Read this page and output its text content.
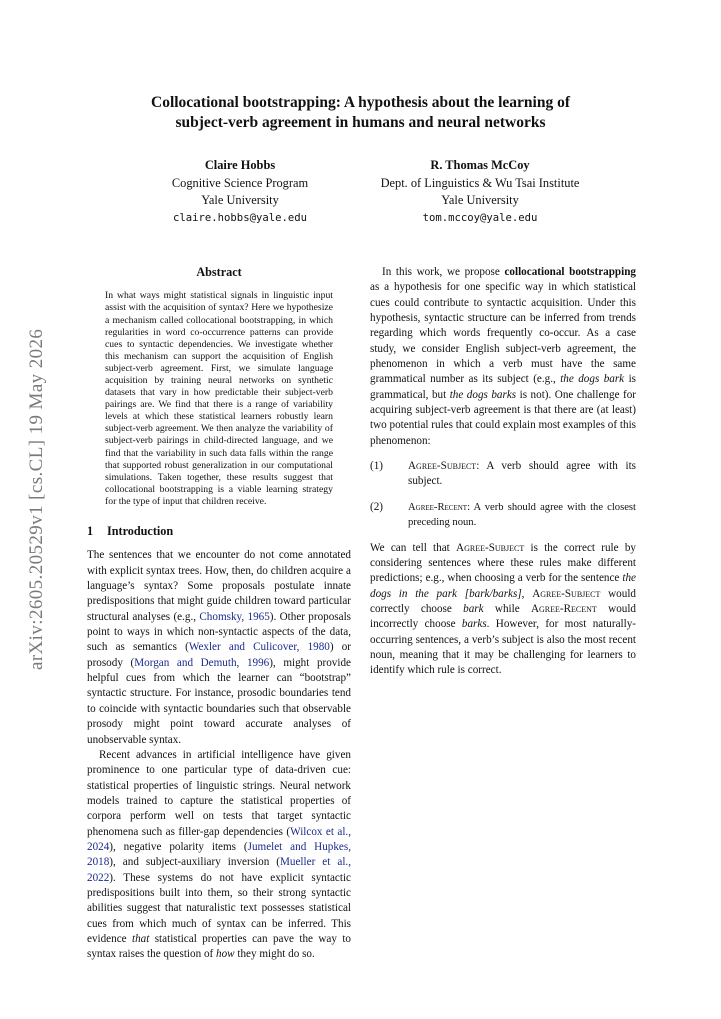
Collocational bootstrapping: A hypothesis about the learning of
subject-verb agreement in humans and neural networks
Claire Hobbs
Cognitive Science Program
Yale University
claire.hobbs@yale.edu
R. Thomas McCoy
Dept. of Linguistics & Wu Tsai Institute
Yale University
tom.mccoy@yale.edu
arXiv:2605.20529v1 [cs.CL] 19 May 2026
Abstract
In what ways might statistical signals in linguistic input assist with the acquisition of syntax? Here we hypothesize a mechanism called collocational bootstrapping, in which regularities in word co-occurrence patterns can provide cues to syntactic dependencies. We investigate whether this mechanism can support the acquisition of English subject-verb agreement. First, we simulate language acquisition by training neural networks on synthetic datasets that vary in how predictable their subject-verb pairings are. We find that there is a range of variability levels at which these statistical learners robustly learn subject-verb agreement. We then analyze the variability of subject-verb pairings in child-directed language, and we find that the variability in such data falls within the range that supported robust generalization in our computational simulations. Taken together, these results suggest that collocational bootstrapping is a viable learning strategy for the type of input that children receive.
1 Introduction

The sentences that we encounter do not come annotated with explicit syntax trees. How, then, do children acquire a language’s syntax? Some proposals postulate innate predispositions that might guide children toward particular structural analyses (e.g., Chomsky, 1965). Other proposals point to ways in which non-syntactic aspects of the data, such as semantics (Wexler and Culicover, 1980) or prosody (Morgan and Demuth, 1996), might provide helpful cues from which the learner can “bootstrap” syntactic structure. For instance, prosodic boundaries tend to coincide with syntactic boundaries such that observable prosody might point toward accurate analyses of unobservable syntax.

Recent advances in artificial intelligence have given prominence to one particular type of data-driven cue: statistical properties of linguistic strings. Neural network models trained to capture the statistical properties of corpora perform well on tests that target syntactic phenomena such as filler-gap dependencies (Wilcox et al., 2024), negative polarity items (Jumelet and Hupkes, 2018), and subject-auxiliary inversion (Mueller et al., 2022). These systems do not have explicit syntactic predispositions built into them, so their strong syntactic abilities suggest that naturalistic text possesses statistical cues from which much of syntax can be inferred. This evidence that statistical properties can pave the way to syntax raises the question of how they might do so.

In this work, we propose collocational bootstrapping as a hypothesis for one specific way in which statistical cues could contribute to syntactic acquisition. Under this hypothesis, syntactic structure can be inferred from trends regarding which words frequently co-occur. As a case study, we consider English subject-verb agreement, the phenomenon in which a verb must have the same grammatical number as its subject (e.g., the dogs bark is grammatical, but the dogs barks is not). One challenge for acquiring subject-verb agreement is that there are (at least) two potential rules that could explain most examples of this phenomenon:

(1)	Agree-Subject: A verb should agree with its subject.
(2)	Agree-Recent: A verb should agree with the closest preceding noun.

We can tell that Agree-Subject is the correct rule by considering sentences where these rules make different predictions; e.g., when choosing a verb for the sentence the dogs in the park [bark/barks], Agree-Subject would correctly choose bark while Agree-Recent would incorrectly choose barks. However, for most naturally-occurring sentences, a verb’s subject is also the most recent noun, meaning that it may be challenging for learners to identify which rule is correct.
